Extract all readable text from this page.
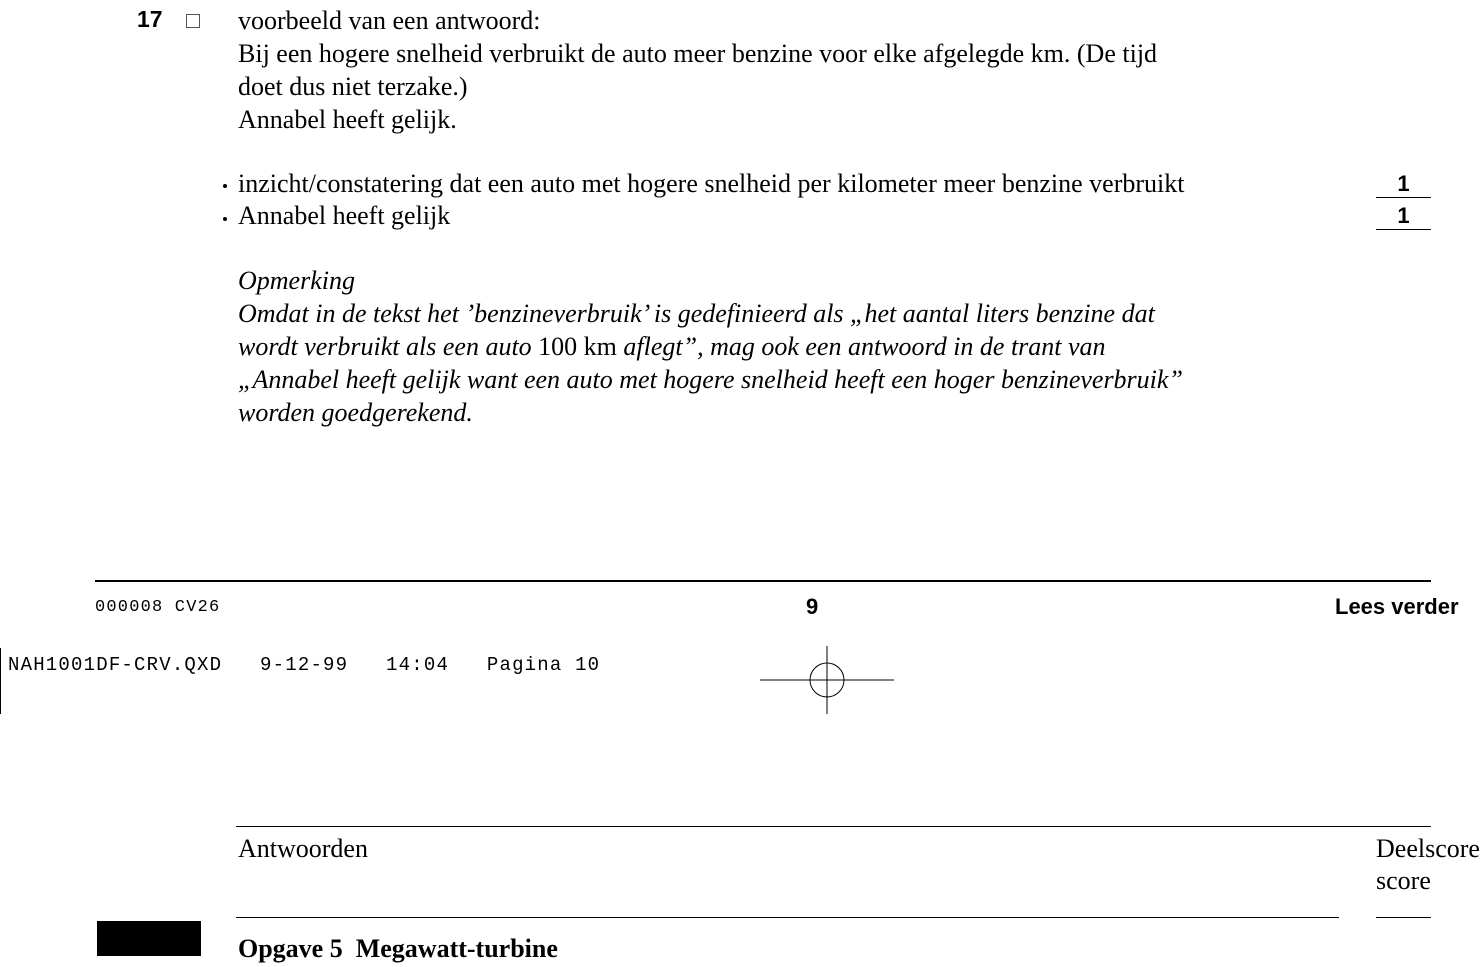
17	voorbeeld van een antwoord:
Bij een hogere snelheid verbruikt de auto meer benzine voor elke afgelegde km. (De tijd
doet dus niet terzake.)
Annabel heeft gelijk.
inzicht/constatering dat een auto met hogere snelheid per kilometer meer benzine verbruikt	1
Annabel heeft gelijk	1
Opmerking
Omdat in de tekst het ’benzineverbruik’ is gedefinieerd als „het aantal liters benzine dat
wordt verbruikt als een auto 100 km aflegt”, mag ook een antwoord in de trant van
„Annabel heeft gelijk want een auto met hogere snelheid heeft een hoger benzineverbruik”
worden goedgerekend.
000008 CV26	9	Lees verder
NAH1001DF-CRV.QXD   9-12-99   14:04   Pagina 10
Antwoorden	Deelscore
score
Opgave 5  Megawatt-turbine
